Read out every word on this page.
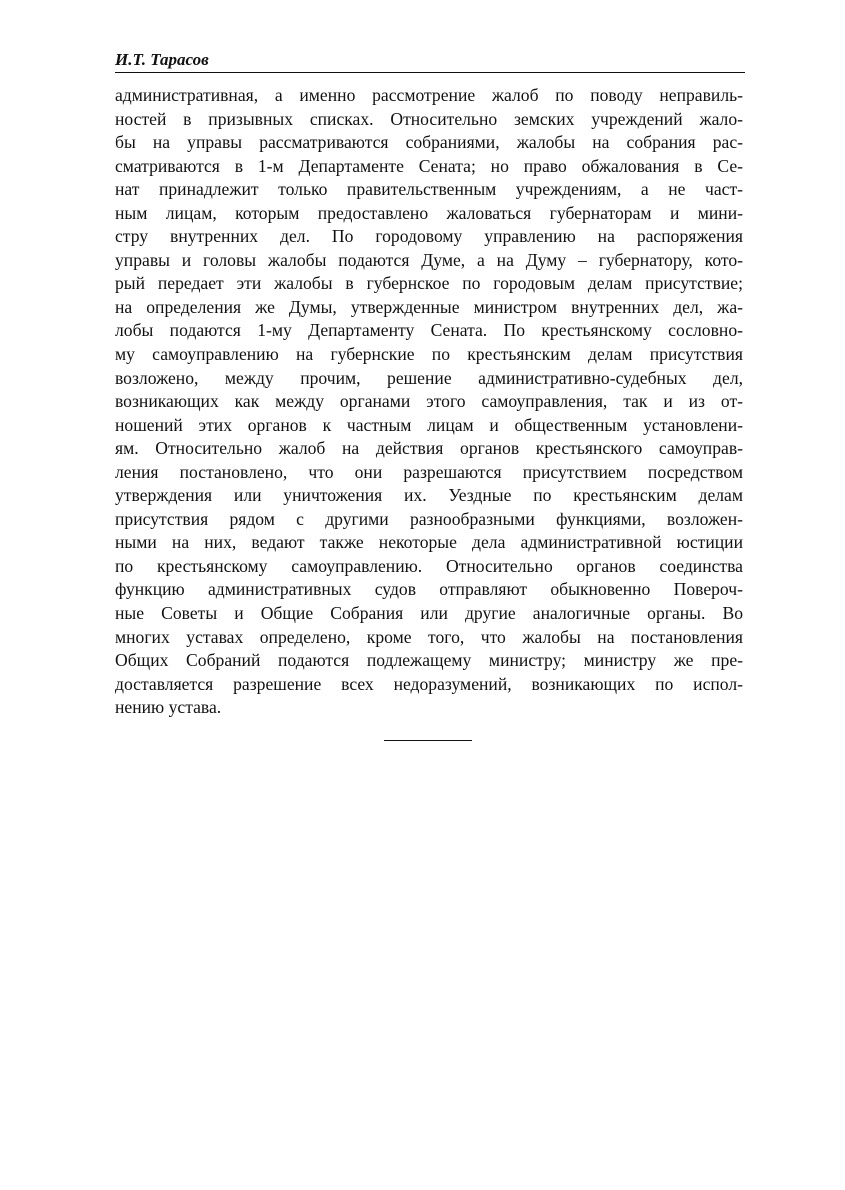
И.Т. Тарасов
административная, а именно рассмотрение жалоб по поводу неправиль-
ностей в призывных списках. Относительно земских учреждений жало-
бы на управы рассматриваются собраниями, жалобы на собрания рас-
сматриваются в 1-м Департаменте Сената; но право обжалования в Се-
нат принадлежит только правительственным учреждениям, а не част-
ным лицам, которым предоставлено жаловаться губернаторам и мини-
стру внутренних дел. По городовому управлению на распоряжения
управы и головы жалобы подаются Думе, а на Думу – губернатору, кото-
рый передает эти жалобы в губернское по городовым делам присутствие;
на определения же Думы, утвержденные министром внутренних дел, жа-
лобы подаются 1-му Департаменту Сената. По крестьянскому сословно-
му самоуправлению на губернские по крестьянским делам присутствия
возложено, между прочим, решение административно-судебных дел,
возникающих как между органами этого самоуправления, так и из от-
ношений этих органов к частным лицам и общественным установлени-
ям. Относительно жалоб на действия органов крестьянского самоуправ-
ления постановлено, что они разрешаются присутствием посредством
утверждения или уничтожения их. Уездные по крестьянским делам
присутствия рядом с другими разнообразными функциями, возложен-
ными на них, ведают также некоторые дела административной юстиции
по крестьянскому самоуправлению. Относительно органов соединства
функцию административных судов отправляют обыкновенно Повероч-
ные Советы и Общие Собрания или другие аналогичные органы. Во
многих уставах определено, кроме того, что жалобы на постановления
Общих Собраний подаются подлежащему министру; министру же пре-
доставляется разрешение всех недоразумений, возникающих по испол-
нению устава.
